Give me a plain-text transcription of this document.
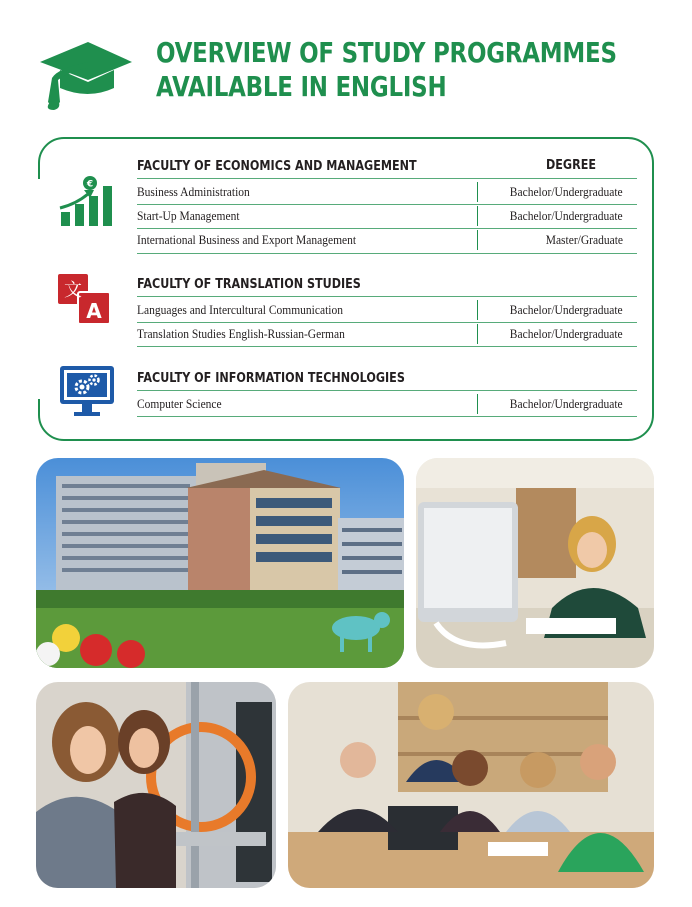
OVERVIEW OF STUDY PROGRAMMES
AVAILABLE IN ENGLISH
DEGREE
€
FACULTY OF ECONOMICS AND MANAGEMENT
Business Administration	Bachelor/Undergraduate
Start-Up Management	Bachelor/Undergraduate
International Business and Export Management	Master/Graduate
文
A
FACULTY OF TRANSLATION STUDIES
Languages and Intercultural Communication	Bachelor/Undergraduate
Translation Studies English-Russian-German	Bachelor/Undergraduate
FACULTY OF INFORMATION TECHNOLOGIES
Computer Science	Bachelor/Undergraduate
